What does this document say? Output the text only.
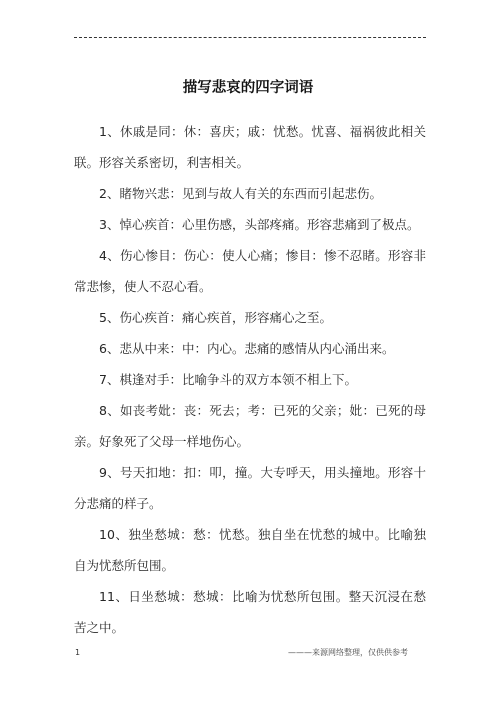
描写悲哀的四字词语

1、休戚是同：休：喜庆；戚：忧愁。忧喜、福祸彼此相关联。形容关系密切，利害相关。

2、睹物兴悲：见到与故人有关的东西而引起悲伤。

3、悼心疾首：心里伤感，头部疼痛。形容悲痛到了极点。

4、伤心惨目：伤心：使人心痛；惨目：惨不忍睹。形容非常悲惨，使人不忍心看。

5、伤心疾首：痛心疾首，形容痛心之至。

6、悲从中来：中：内心。悲痛的感情从内心涌出来。

7、棋逢对手：比喻争斗的双方本领不相上下。

8、如丧考妣：丧：死去；考：已死的父亲；妣：已死的母亲。好象死了父母一样地伤心。

9、号天扣地：扣：叩，撞。大专呼天，用头撞地。形容十分悲痛的样子。

10、独坐愁城：愁：忧愁。独自坐在忧愁的城中。比喻独自为忧愁所包围。

11、日坐愁城：愁城：比喻为忧愁所包围。整天沉浸在愁苦之中。

1	———来源网络整理，仅供供参考
